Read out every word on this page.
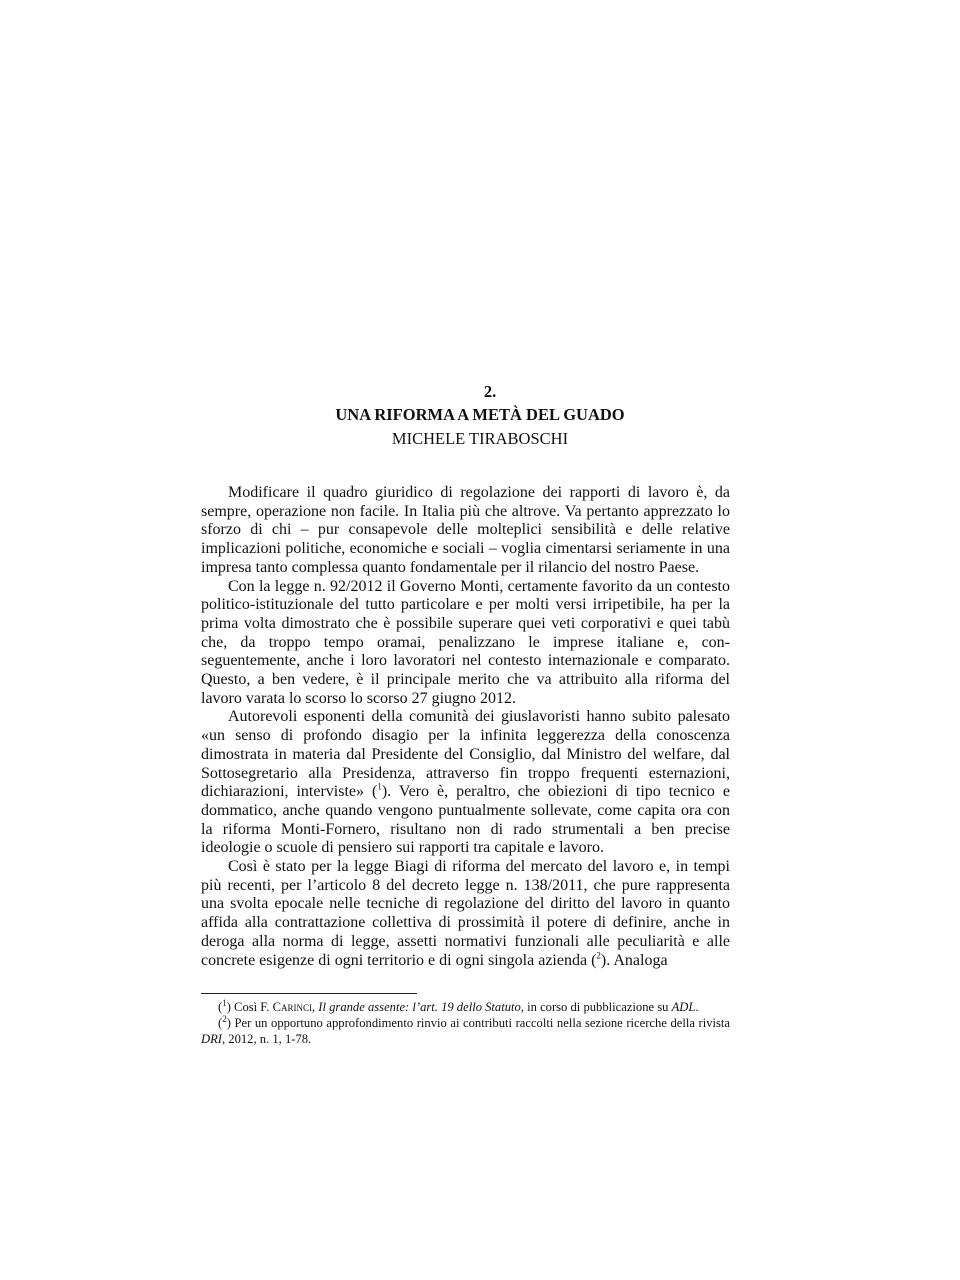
2.
UNA RIFORMA A METÀ DEL GUADO
MICHELE TIRABOSCHI

Modificare il quadro giuridico di regolazione dei rapporti di lavoro è, da sempre, operazione non facile. In Italia più che altrove. Va pertanto apprezzato lo sforzo di chi – pur consapevole delle molteplici sensibilità e delle relative implicazioni politiche, economiche e sociali – voglia cimentarsi seriamente in una impresa tanto complessa quanto fondamentale per il rilancio del nostro Paese.

Con la legge n. 92/2012 il Governo Monti, certamente favorito da un contesto politico-istituzionale del tutto particolare e per molti versi irripetibile, ha per la prima volta dimostrato che è possibile superare quei veti corporativi e quei tabù che, da troppo tempo oramai, penalizzano le imprese italiane e, conseguentemente, anche i loro lavoratori nel contesto internazionale e comparato. Questo, a ben vedere, è il principale merito che va attribuito alla riforma del lavoro varata lo scorso lo scorso 27 giugno 2012.

Autorevoli esponenti della comunità dei giuslavoristi hanno subito palesato «un senso di profondo disagio per la infinita leggerezza della conoscenza dimostrata in materia dal Presidente del Consiglio, dal Ministro del welfare, dal Sottosegretario alla Presidenza, attraverso fin troppo frequenti esternazioni, dichiarazioni, interviste» ($^1$). Vero è, peraltro, che obiezioni di tipo tecnico e dommatico, anche quando vengono puntualmente sollevate, come capita ora con la riforma Monti-Fornero, risultano non di rado strumentali a ben precise ideologie o scuole di pensiero sui rapporti tra capitale e lavoro.

Così è stato per la legge Biagi di riforma del mercato del lavoro e, in tempi più recenti, per l’articolo 8 del decreto legge n. 138/2011, che pure rappresenta una svolta epocale nelle tecniche di regolazione del diritto del lavoro in quanto affida alla contrattazione collettiva di prossimità il potere di definire, anche in deroga alla norma di legge, assetti normativi funzionali alle peculiarità e alle concrete esigenze di ogni territorio e di ogni singola azienda ($^2$). Analoga

($^1$) Così F. Carinci, Il grande assente: l’art. 19 dello Statuto, in corso di pubblicazione su ADL.

($^2$) Per un opportuno approfondimento rinvio ai contributi raccolti nella sezione ricerche della rivista DRI, 2012, n. 1, 1-78.
